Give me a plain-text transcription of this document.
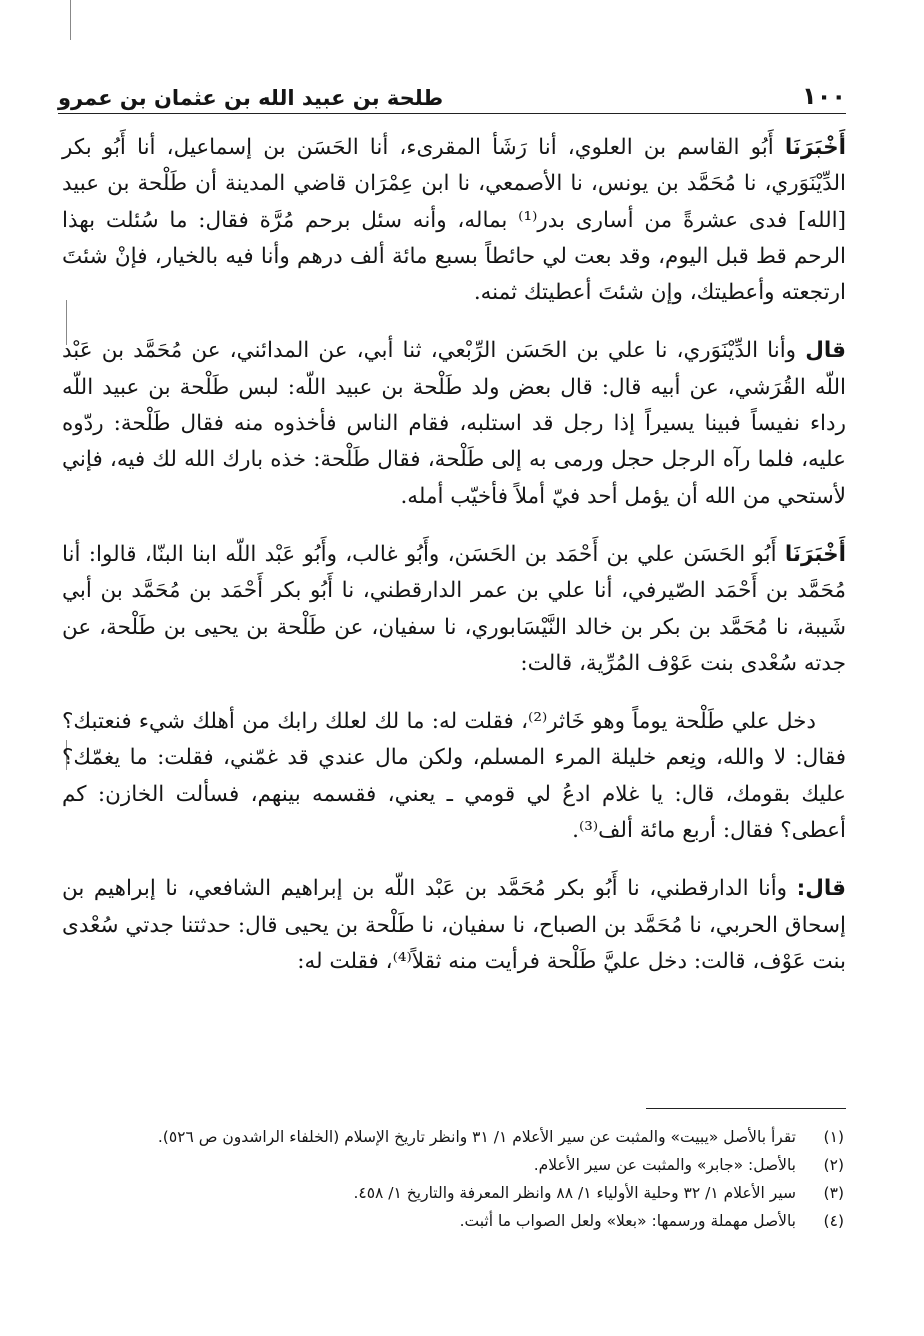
١٠٠
طلحة بن عبيد الله بن عثمان بن عمرو

أَخْبَرَنَا أَبُو القاسم بن العلوي، أنا رَشَأ المقرىء، أنا الحَسَن بن إسماعيل، أنا أَبُو بكر الدِّيْنَوَري، نا مُحَمَّد بن يونس، نا الأصمعي، نا ابن عِمْرَان قاضي المدينة أن طَلْحة بن عبيد [الله] فدى عشرةً من أسارى بدر⁽¹⁾ بماله، وأنه سئل برحم مُرَّة فقال: ما سُئلت بهذا الرحم قط قبل اليوم، وقد بعت لي حائطاً بسبع مائة ألف درهم وأنا فيه بالخيار، فإنْ شئتَ ارتجعته وأعطيتك، وإن شئتَ أعطيتك ثمنه.

قال وأنا الدِّيْنَوَري، نا علي بن الحَسَن الرِّبْعي، ثنا أبي، عن المدائني، عن مُحَمَّد بن عَبْد اللّه القُرَشي، عن أبيه قال: قال بعض ولد طَلْحة بن عبيد اللّه: لبس طَلْحة بن عبيد اللّه رداء نفيساً فبينا يسيراً إذا رجل قد استلبه، فقام الناس فأخذوه منه فقال طَلْحة: ردّوه عليه، فلما رآه الرجل حجل ورمى به إلى طَلْحة، فقال طَلْحة: خذه بارك الله لك فيه، فإني لأستحي من الله أن يؤمل أحد فيّ أملاً فأخيّب أمله.

أَخْبَرَنَا أَبُو الحَسَن علي بن أَحْمَد بن الحَسَن، وأَبُو غالب، وأَبُو عَبْد اللّه ابنا البنّا، قالوا: أنا مُحَمَّد بن أَحْمَد الصّيرفي، أنا علي بن عمر الدارقطني، نا أَبُو بكر أَحْمَد بن مُحَمَّد بن أبي شَيبة، نا مُحَمَّد بن بكر بن خالد النَّيْسَابوري، نا سفيان، عن طَلْحة بن يحيى بن طَلْحة، عن جدته سُعْدى بنت عَوْف المُرِّية، قالت:

دخل علي طَلْحة يوماً وهو خَاثر⁽²⁾، فقلت له: ما لك لعلك رابك من أهلك شيء فنعتبك؟ فقال: لا والله، ونِعم خليلة المرء المسلم، ولكن مال عندي قد غمّني، فقلت: ما يغمّك؟ عليك بقومك، قال: يا غلام ادعُ لي قومي ـ يعني، فقسمه بينهم، فسألت الخازن: كم أعطى؟ فقال: أربع مائة ألف⁽³⁾.

قال: وأنا الدارقطني، نا أَبُو بكر مُحَمَّد بن عَبْد اللّه بن إبراهيم الشافعي، نا إبراهيم بن إسحاق الحربي، نا مُحَمَّد بن الصباح، نا سفيان، نا طَلْحة بن يحيى قال: حدثتنا جدتي سُعْدى بنت عَوْف، قالت: دخل عليَّ طَلْحة فرأيت منه ثقلاً⁽⁴⁾، فقلت له:

(١)
تقرأ بالأصل «يبيت» والمثبت عن سير الأعلام ١/ ٣١ وانظر تاريخ الإسلام (الخلفاء الراشدون ص ٥٢٦).
(٢)
بالأصل: «جابر» والمثبت عن سير الأعلام.
(٣)
سير الأعلام ١/ ٣٢ وحلية الأولياء ١/ ٨٨ وانظر المعرفة والتاريخ ١/ ٤٥٨.
(٤)
بالأصل مهملة ورسمها: «بعلا» ولعل الصواب ما أثبت.
